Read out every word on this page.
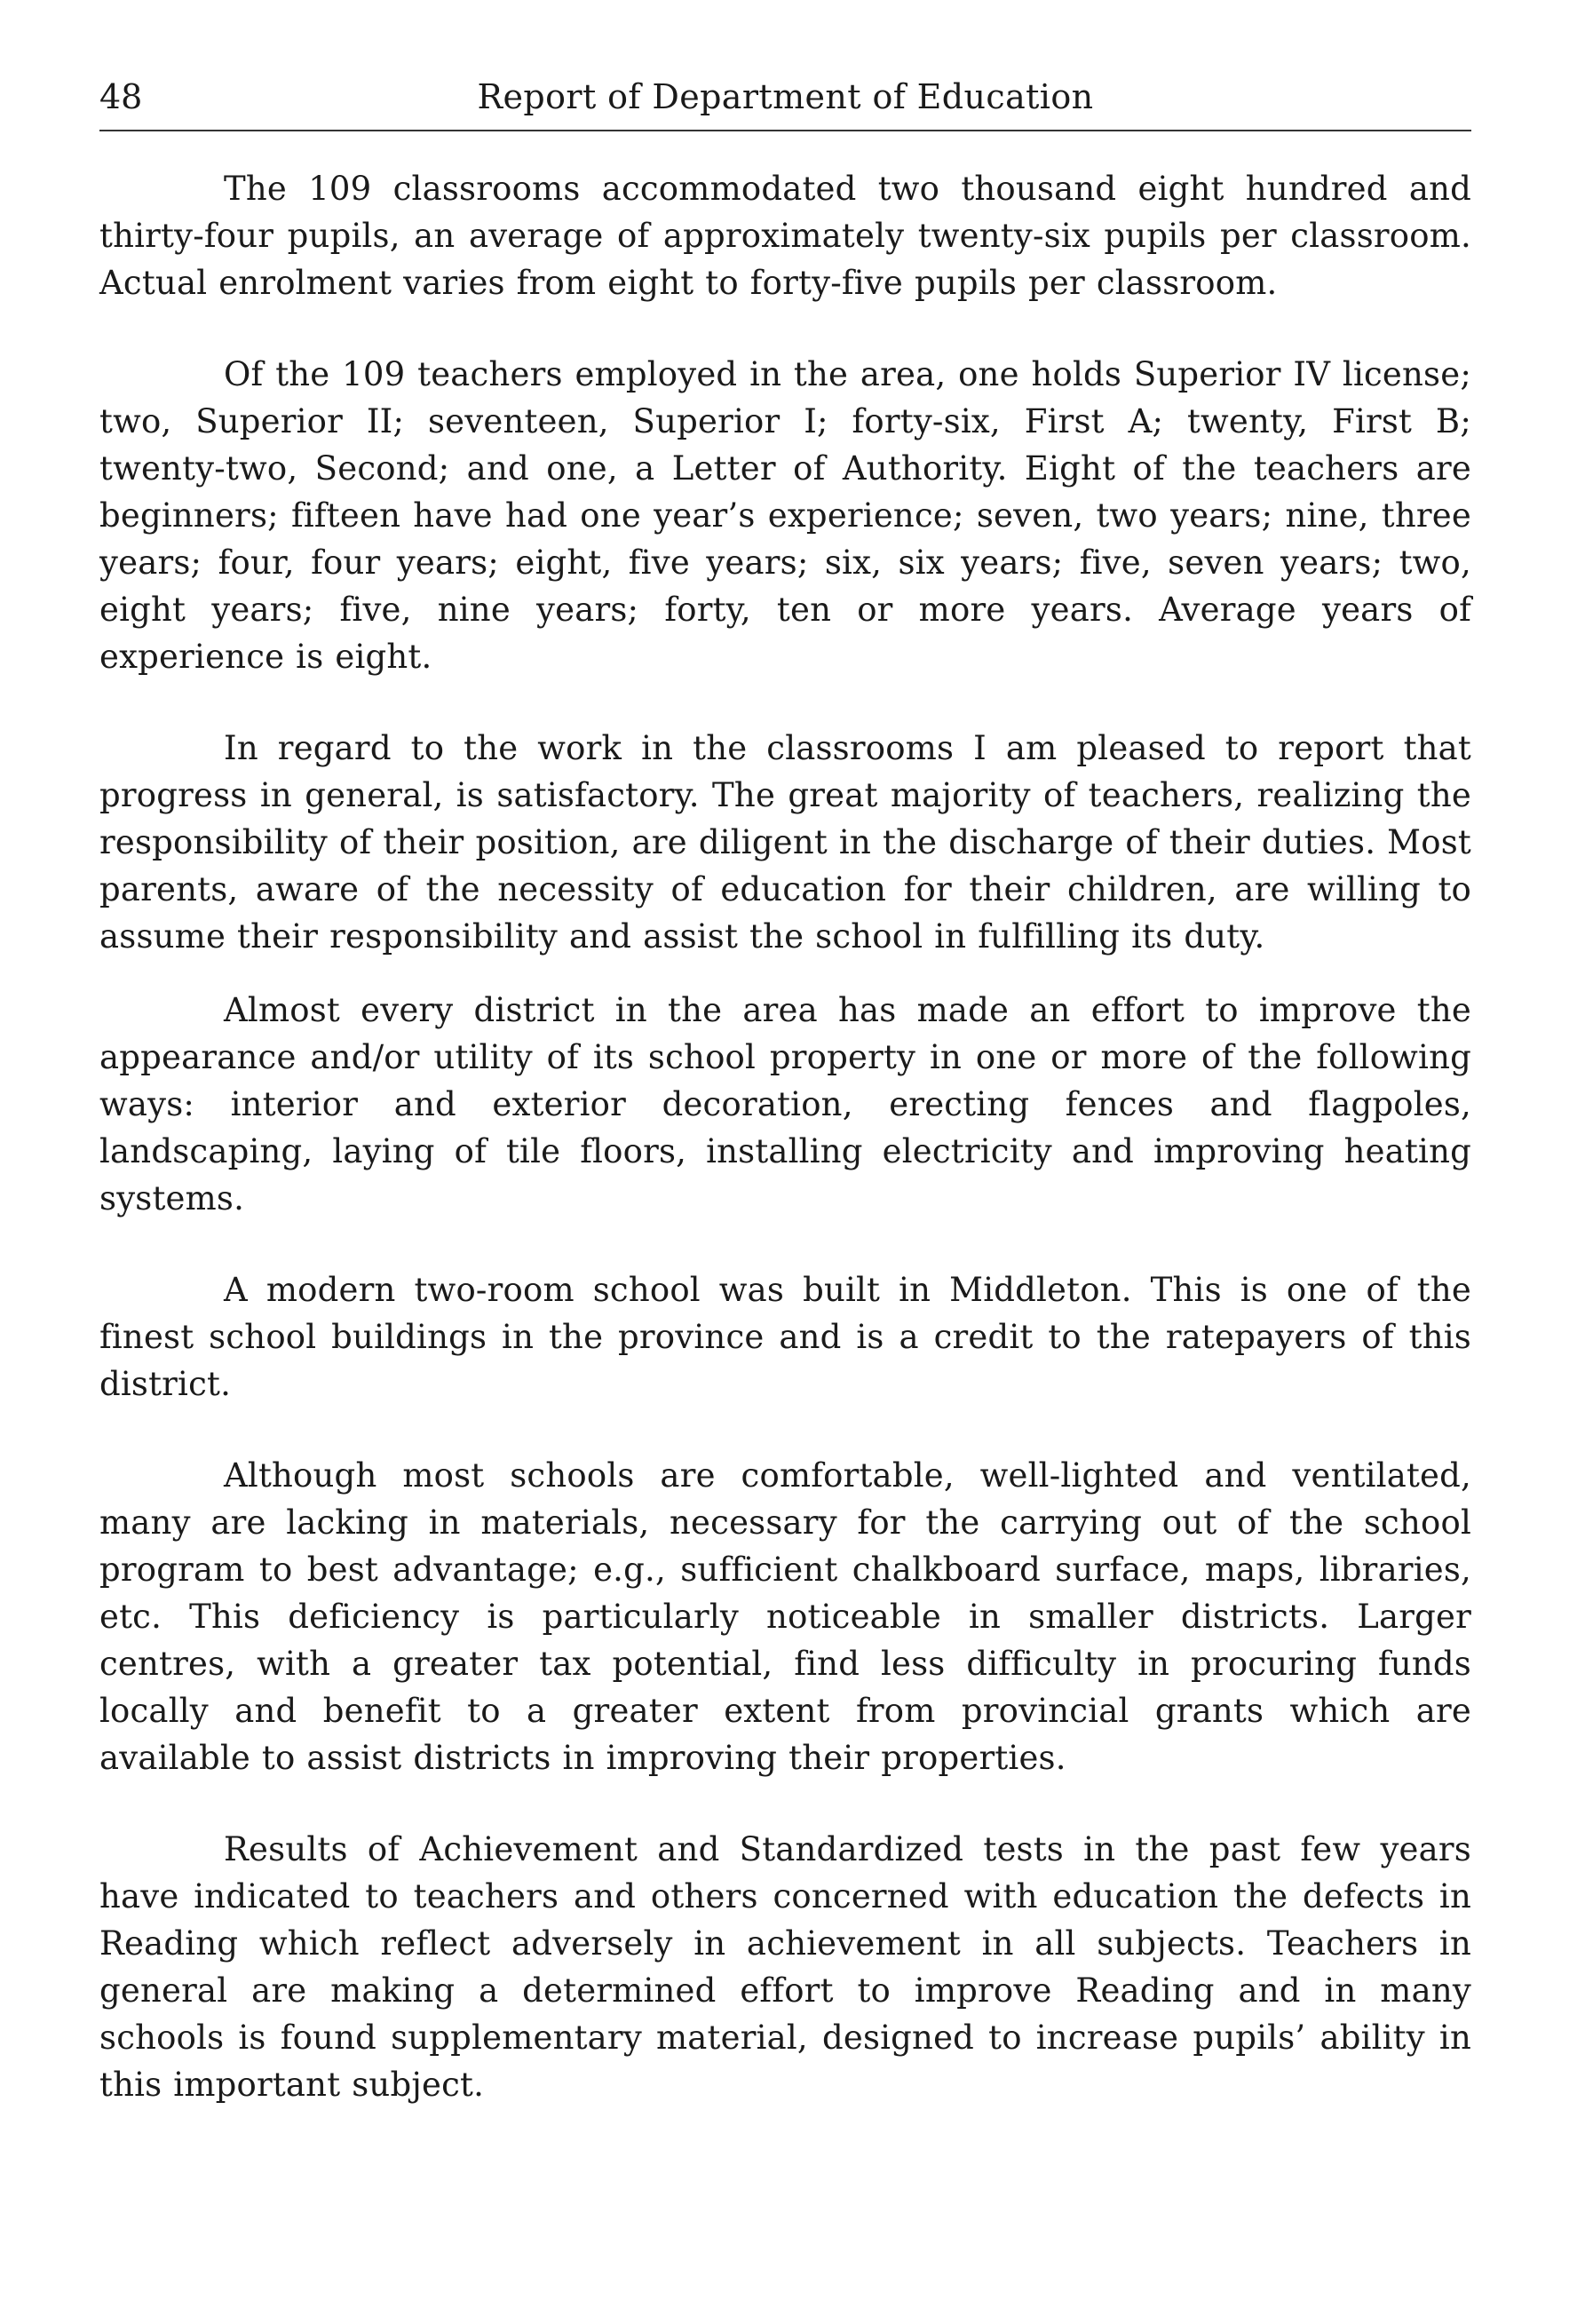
48	Report of Department of Education

The 109 classrooms accommodated two thousand eight hundred and thirty-four pupils, an average of approximately twenty-six pupils per classroom. Actual enrolment varies from eight to forty-five pupils per classroom.

Of the 109 teachers employed in the area, one holds Superior IV license; two, Superior II; seventeen, Superior I; forty-six, First A; twenty, First B; twenty-two, Second; and one, a Letter of Authority. Eight of the teachers are beginners; fifteen have had one year’s experience; seven, two years; nine, three years; four, four years; eight, five years; six, six years; five, seven years; two, eight years; five, nine years; forty, ten or more years. Average years of experience is eight.

In regard to the work in the classrooms I am pleased to report that progress in general, is satisfactory. The great majority of teachers, realizing the responsibility of their position, are diligent in the discharge of their duties. Most parents, aware of the necessity of education for their children, are willing to assume their responsibility and assist the school in fulfilling its duty.

Almost every district in the area has made an effort to improve the appearance and/or utility of its school property in one or more of the following ways: interior and exterior decoration, erecting fences and flagpoles, landscaping, laying of tile floors, installing electricity and improving heating systems.

A modern two-room school was built in Middleton. This is one of the finest school buildings in the province and is a credit to the ratepayers of this district.

Although most schools are comfortable, well-lighted and ventilated, many are lacking in materials, necessary for the carrying out of the school program to best advantage; e.g., sufficient chalkboard surface, maps, libraries, etc. This deficiency is particularly noticeable in smaller districts. Larger centres, with a greater tax potential, find less difficulty in procuring funds locally and benefit to a greater extent from provincial grants which are available to assist districts in improving their properties.

Results of Achievement and Standardized tests in the past few years have indicated to teachers and others concerned with education the defects in Reading which reflect adversely in achievement in all subjects. Teachers in general are making a determined effort to improve Reading and in many schools is found supplementary material, designed to increase pupils’ ability in this important subject.
